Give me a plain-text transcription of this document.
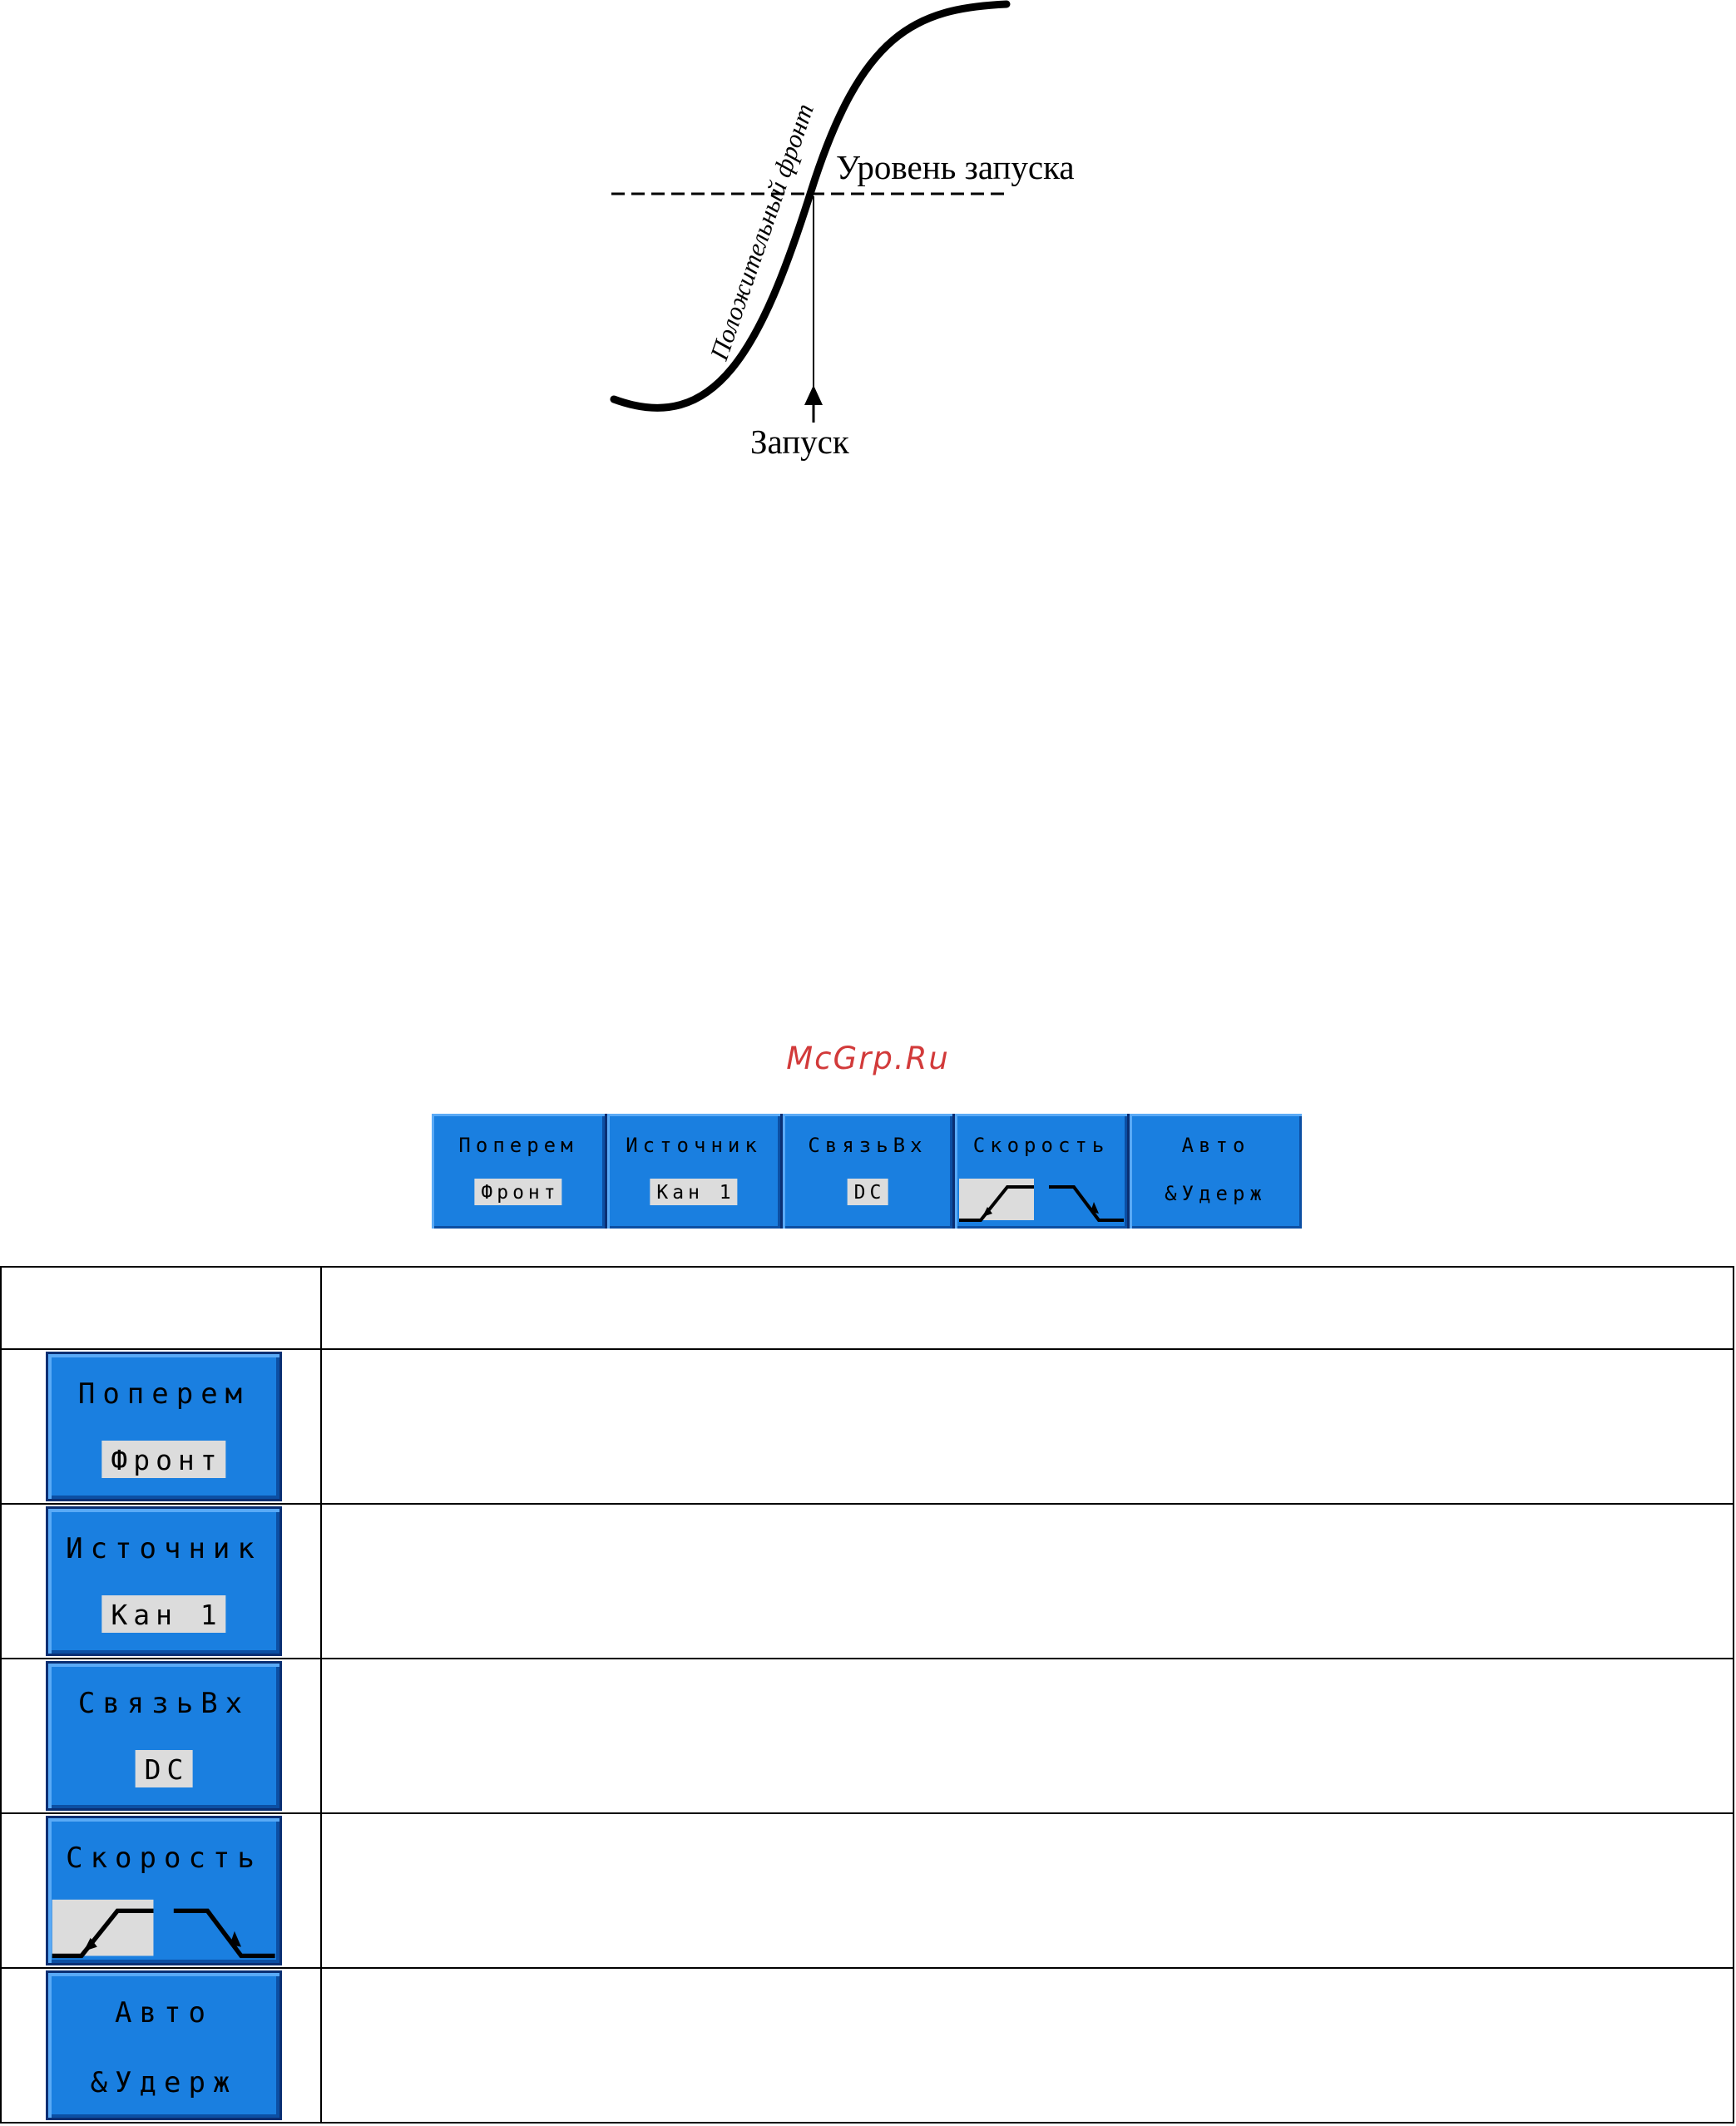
Уровень запуска
Положительный фронт
Запуск
McGrp.Ru
Поперем
Фронт
Источник
Кан 1
СвязьВх
DC
Скорость	Авто
&Удерж

Поперем
Фронт	

Источник
Кан 1	

СвязьВх
DC	

Скорость	

Авто
&Удерж	
